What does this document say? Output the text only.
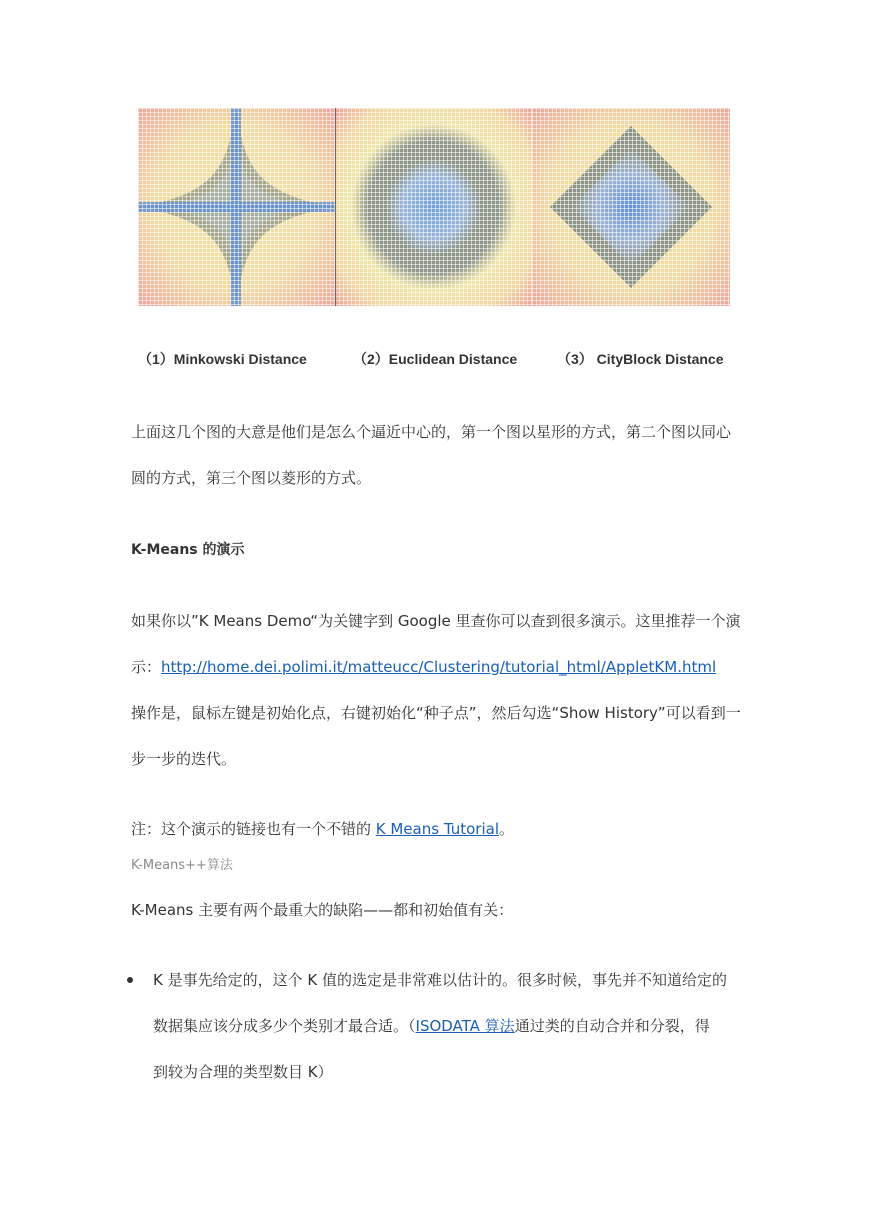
（1）Minkowski Distance	（2）Euclidean Distance	（3） CityBlock Distance
上面这几个图的大意是他们是怎么个逼近中心的，第一个图以星形的方式，第二个图以同心
圆的方式，第三个图以菱形的方式。
K-Means 的演示
如果你以”K Means Demo“为关键字到 Google 里查你可以查到很多演示。这里推荐一个演
示：http://home.dei.polimi.it/matteucc/Clustering/tutorial_html/AppletKM.html
操作是，鼠标左键是初始化点，右键初始化“种子点”，然后勾选“Show History”可以看到一
步一步的迭代。
注：这个演示的链接也有一个不错的 K Means Tutorial。
K-Means++算法
K-Means 主要有两个最重大的缺陷——都和初始值有关：
K 是事先给定的，这个 K 值的选定是非常难以估计的。很多时候，事先并不知道给定的
数据集应该分成多少个类别才最合适。（ISODATA 算法通过类的自动合并和分裂，得
到较为合理的类型数目 K）
